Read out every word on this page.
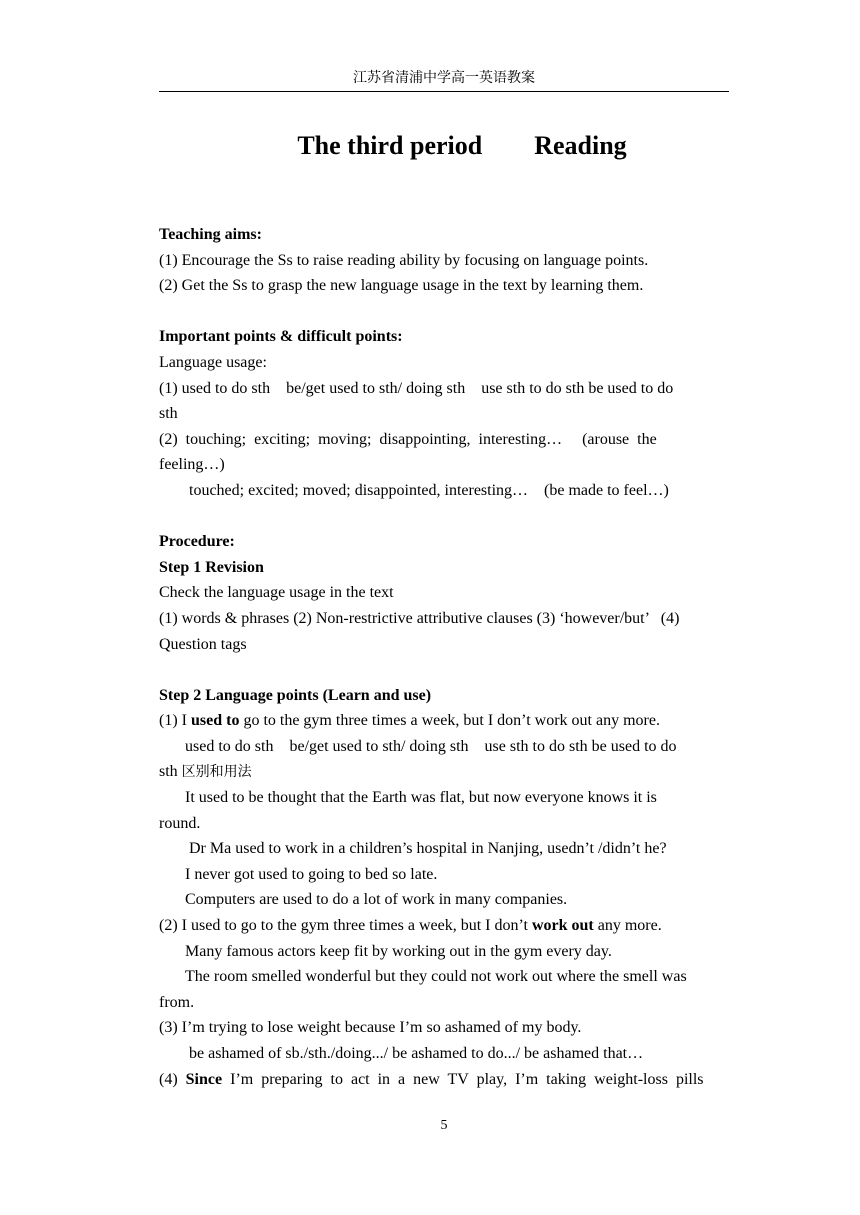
江苏省清浦中学高一英语教案
The third period        Reading
Teaching aims:
(1) Encourage the Ss to raise reading ability by focusing on language points.
(2) Get the Ss to grasp the new language usage in the text by learning them.
Important points & difficult points:
Language usage:
(1) used to do sth    be/get used to sth/ doing sth    use sth to do sth be used to do
sth
(2)  touching;  exciting;  moving;  disappointing,  interesting…     (arouse  the
feeling…)
touched; excited; moved; disappointed, interesting…    (be made to feel…)
Procedure:
Step 1 Revision
Check the language usage in the text
(1) words & phrases (2) Non-restrictive attributive clauses (3) ‘however/but’   (4)
Question tags
Step 2 Language points (Learn and use)
(1) I used to go to the gym three times a week, but I don’t work out any more.
used to do sth    be/get used to sth/ doing sth    use sth to do sth be used to do
sth 区别和用法
It used to be thought that the Earth was flat, but now everyone knows it is
round.
Dr Ma used to work in a children’s hospital in Nanjing, usedn’t /didn’t he?
I never got used to going to bed so late.
Computers are used to do a lot of work in many companies.
(2) I used to go to the gym three times a week, but I don’t work out any more.
Many famous actors keep fit by working out in the gym every day.
The room smelled wonderful but they could not work out where the smell was
from.
(3) I’m trying to lose weight because I’m so ashamed of my body.
be ashamed of sb./sth./doing.../ be ashamed to do.../ be ashamed that…
(4)  Since  I’m  preparing  to  act  in  a  new  TV  play,  I’m  taking  weight-loss  pills
5
